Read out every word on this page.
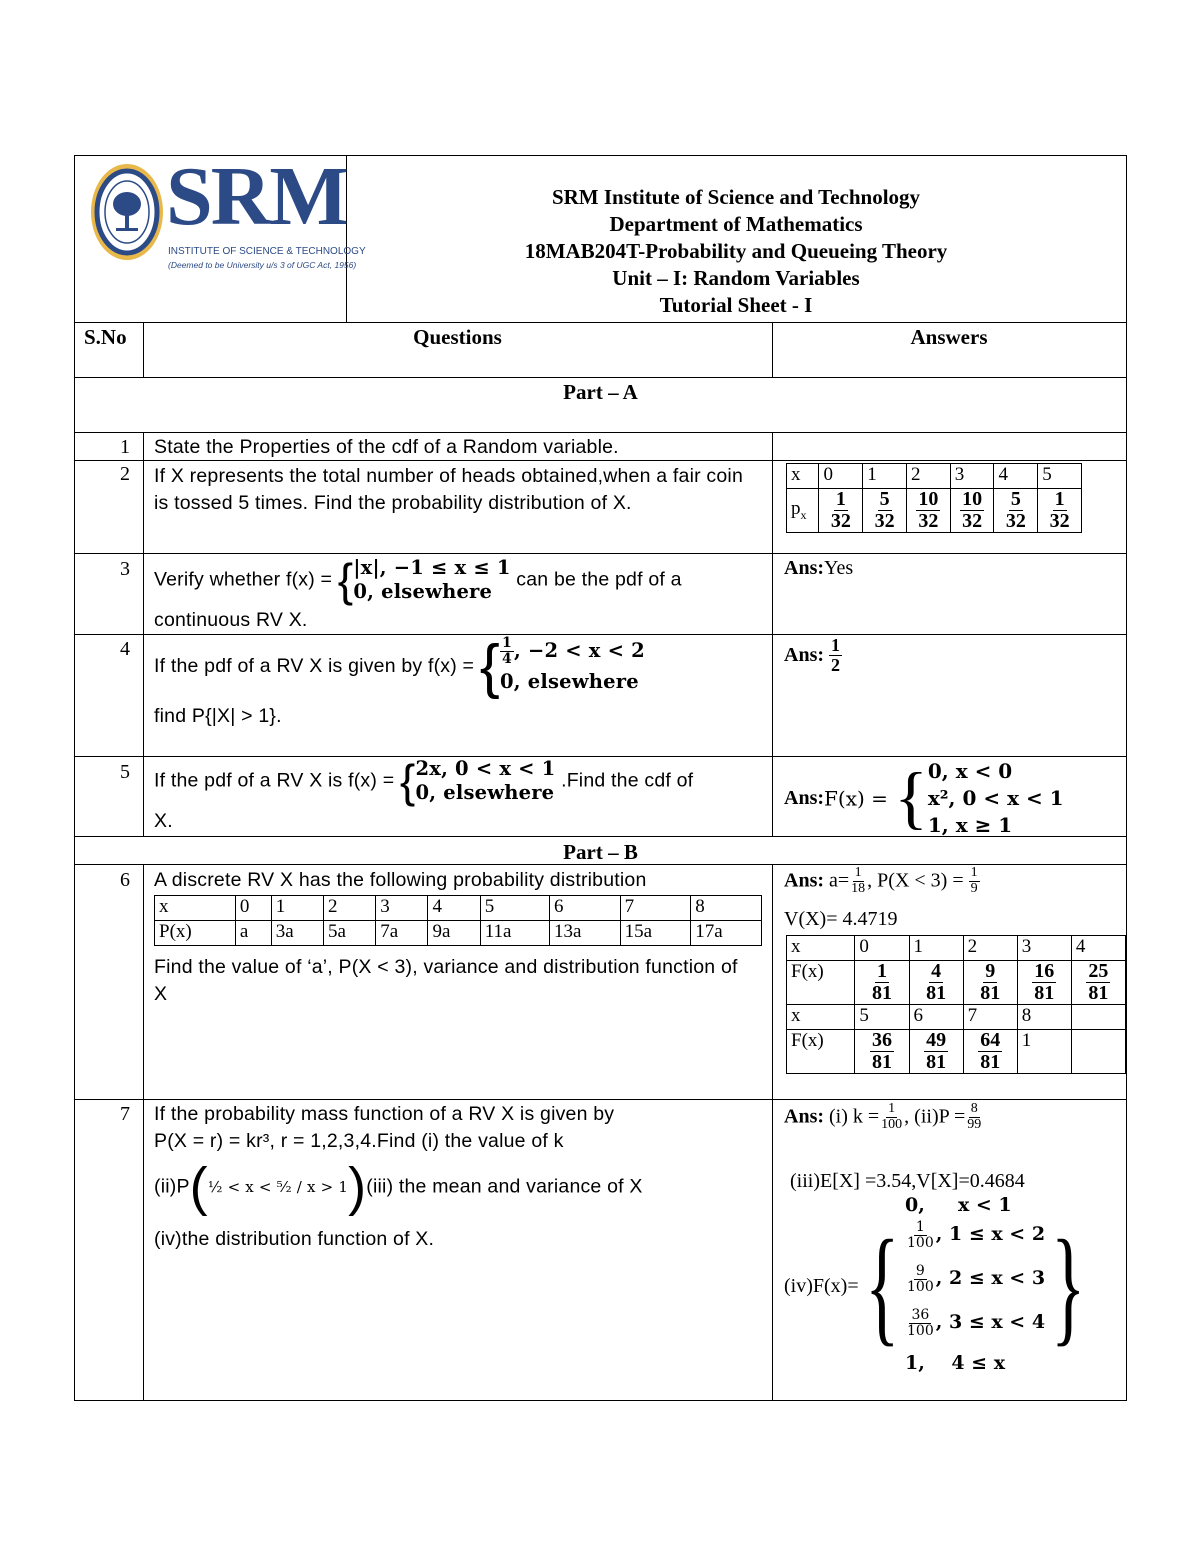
SRM
INSTITUTE OF SCIENCE & TECHNOLOGY
(Deemed to be University u/s 3 of UGC Act, 1956)
SRM Institute of Science and Technology
Department of Mathematics
18MAB204T-Probability and Queueing Theory
Unit – I: Random Variables
Tutorial Sheet - I
S.No	Questions	Answers
Part – A
1 State the Properties of the cdf of a Random variable.
2 If X represents the total number of heads obtained,when a fair coin is tossed 5 times. Find the probability distribution of X.
x	0	1	2	3	4	5
$p_x$	$\frac{1}{32}$	$\frac{5}{32}$	$\frac{10}{32}$	$\frac{10}{32}$	$\frac{5}{32}$	$\frac{1}{32}$
3 Verify whether f(x) = {|x|, −1 ≤ x ≤ 1
0, elsewhere can be the pdf of a
continuous RV X.
Ans:Yes
4
If the pdf of a RV X is given by f(x) = { $\frac{1}{4}$ , −2 < x < 2
0, elsewhere
find P{|X| > 1}.
Ans: $\frac{1}{2}$
5 If the pdf of a RV X is f(x) = {2x, 0 < x < 1
0, elsewhere .Find the cdf of
X.
Ans:F(x) = {0, x < 0
x², 0 < x < 1
1, x ≥ 1
Part – B
6 A discrete RV X has the following probability distribution
x	0	1	2	3	4	5	6	7	8
P(x)	a	3a	5a	7a	9a	11a	13a	15a	17a
Find the value of ‘a’, P(X < 3), variance and distribution function of X
Ans: $a= \frac{1}{18}$ , $P(X < 3) = \frac{1}{9}$
V(X)= 4.4719
x	0	1	2	3	4
F(x)	$\frac{1}{81}$	$\frac{4}{81}$	$\frac{9}{81}$	$\frac{16}{81}$	$\frac{25}{81}$

x	5	6	7	8	
F(x)	$\frac{36}{81}$	$\frac{49}{81}$	$\frac{64}{81}$	1	
7 If the probability mass function of a RV X is given by
P(X = r) = kr³, r = 1,2,3,4.Find (i) the value of k
(ii)P(½ < x < ⁵⁄₂ / x > 1)(iii) the mean and variance of X
(iv)the distribution function of X.
Ans: (i) $k = \frac{1}{100}$ , $(ii)P = \frac{8}{99}$
(iii)E[X] =3.54,V[X]=0.4684
(iv)F(x)= {
0, x < 1
$\frac{1}{100}$ , 1 ≤ x < 2
$\frac{9}{100}$ , 2 ≤ x < 3
$\frac{36}{100}$ , 3 ≤ x < 4
1, 4 ≤ x
}
